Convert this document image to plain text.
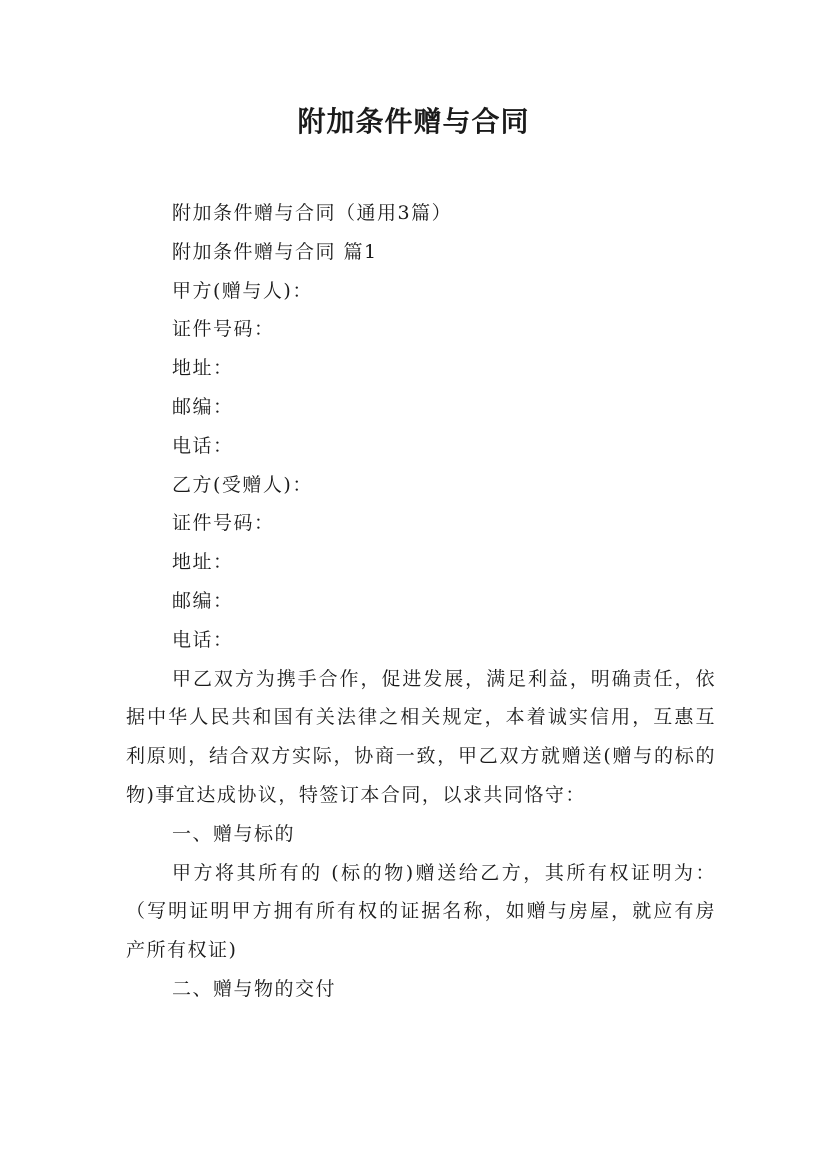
附加条件赠与合同
附加条件赠与合同（通用3篇）
附加条件赠与合同 篇1
甲方(赠与人)：
证件号码：
地址：
邮编：
电话：
乙方(受赠人)：
证件号码：
地址：
邮编：
电话：
甲乙双方为携手合作，促进发展，满足利益，明确责任，依据中华人民共和国有关法律之相关规定，本着诚实信用，互惠互利原则，结合双方实际，协商一致，甲乙双方就赠送(赠与的标的物)事宜达成协议，特签订本合同，以求共同恪守：
一、赠与标的
甲方将其所有的 (标的物)赠送给乙方，其所有权证明为：（写明证明甲方拥有所有权的证据名称，如赠与房屋，就应有房产所有权证)
二、赠与物的交付
